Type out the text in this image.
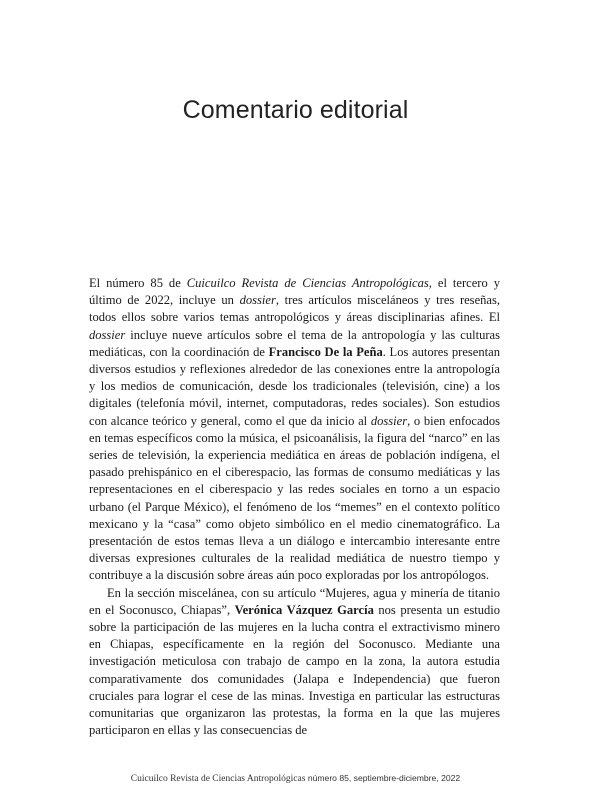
Comentario editorial

El número 85 de Cuicuilco Revista de Ciencias Antropológicas, el tercero y último de 2022, incluye un dossier, tres artículos misceláneos y tres reseñas, todos ellos sobre varios temas antropológicos y áreas disciplinarias afines. El dossier incluye nueve artículos sobre el tema de la antropología y las culturas mediáticas, con la coordinación de Francisco De la Peña. Los autores presentan diversos estudios y reflexiones alrededor de las conexiones entre la antropología y los medios de comunicación, desde los tradicionales (televisión, cine) a los digitales (telefonía móvil, internet, computadoras, redes sociales). Son estudios con alcance teórico y general, como el que da inicio al dossier, o bien enfocados en temas específicos como la música, el psicoanálisis, la figura del “narco” en las series de televisión, la experiencia mediática en áreas de población indígena, el pasado prehispánico en el ciberespacio, las formas de consumo mediáticas y las representaciones en el ciberespacio y las redes sociales en torno a un espacio urbano (el Parque México), el fenómeno de los “memes” en el contexto político mexicano y la “casa” como objeto simbólico en el medio cinematográfico. La presentación de estos temas lleva a un diálogo e intercambio interesante entre diversas expresiones culturales de la realidad mediática de nuestro tiempo y contribuye a la discusión sobre áreas aún poco exploradas por los antropólogos.

En la sección miscelánea, con su artículo “Mujeres, agua y minería de titanio en el Soconusco, Chiapas”, Verónica Vázquez García nos presenta un estudio sobre la participación de las mujeres en la lucha contra el extractivismo minero en Chiapas, específicamente en la región del Soconusco. Mediante una investigación meticulosa con trabajo de campo en la zona, la autora estudia comparativamente dos comunidades (Jalapa e Independencia) que fueron cruciales para lograr el cese de las minas. Investiga en particular las estructuras comunitarias que organizaron las protestas, la forma en la que las mujeres participaron en ellas y las consecuencias de

Cuicuilco Revista de Ciencias Antropológicas número 85, septiembre-diciembre, 2022
